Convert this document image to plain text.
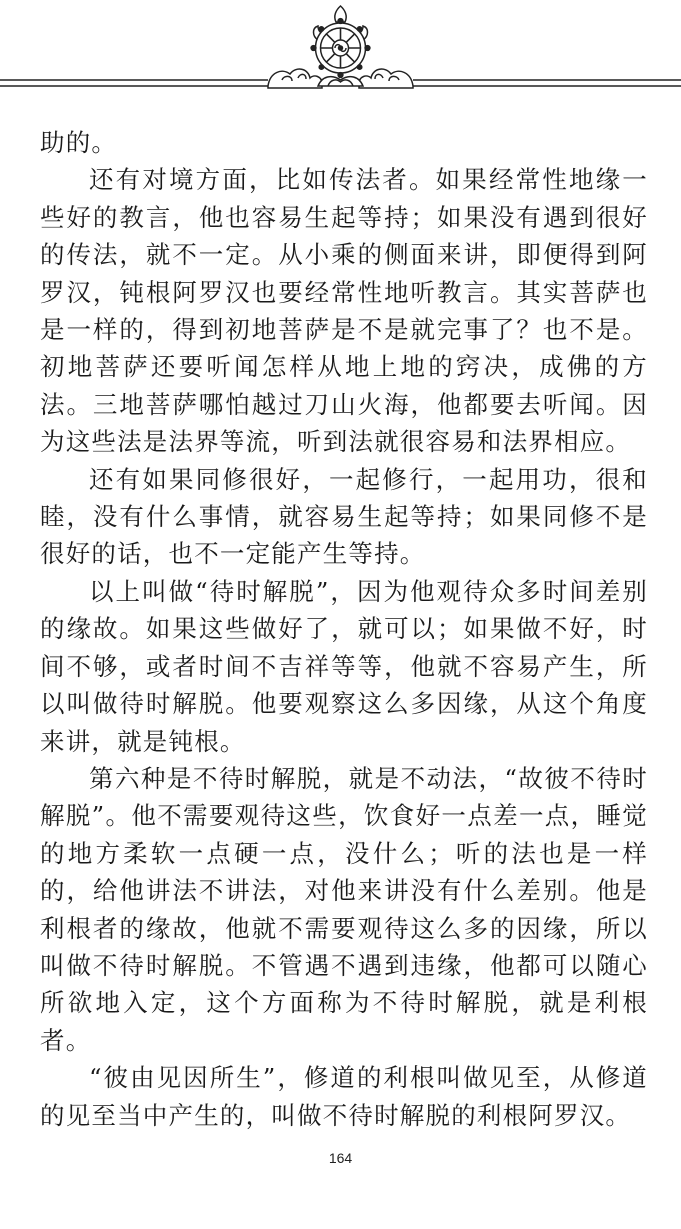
助的。

还有对境方面，比如传法者。如果经常性地缘一些好的教言，他也容易生起等持；如果没有遇到很好的传法，就不一定。从小乘的侧面来讲，即便得到阿罗汉，钝根阿罗汉也要经常性地听教言。其实菩萨也是一样的，得到初地菩萨是不是就完事了？也不是。初地菩萨还要听闻怎样从地上地的窍决，成佛的方法。三地菩萨哪怕越过刀山火海，他都要去听闻。因为这些法是法界等流，听到法就很容易和法界相应。

还有如果同修很好，一起修行，一起用功，很和睦，没有什么事情，就容易生起等持；如果同修不是很好的话，也不一定能产生等持。

以上叫做“待时解脱”，因为他观待众多时间差别的缘故。如果这些做好了，就可以；如果做不好，时间不够，或者时间不吉祥等等，他就不容易产生，所以叫做待时解脱。他要观察这么多因缘，从这个角度来讲，就是钝根。

第六种是不待时解脱，就是不动法，“故彼不待时解脱”。他不需要观待这些，饮食好一点差一点，睡觉的地方柔软一点硬一点，没什么；听的法也是一样的，给他讲法不讲法，对他来讲没有什么差别。他是利根者的缘故，他就不需要观待这么多的因缘，所以叫做不待时解脱。不管遇不遇到违缘，他都可以随心所欲地入定，这个方面称为不待时解脱，就是利根者。

“彼由见因所生”，修道的利根叫做见至，从修道的见至当中产生的，叫做不待时解脱的利根阿罗汉。

164
